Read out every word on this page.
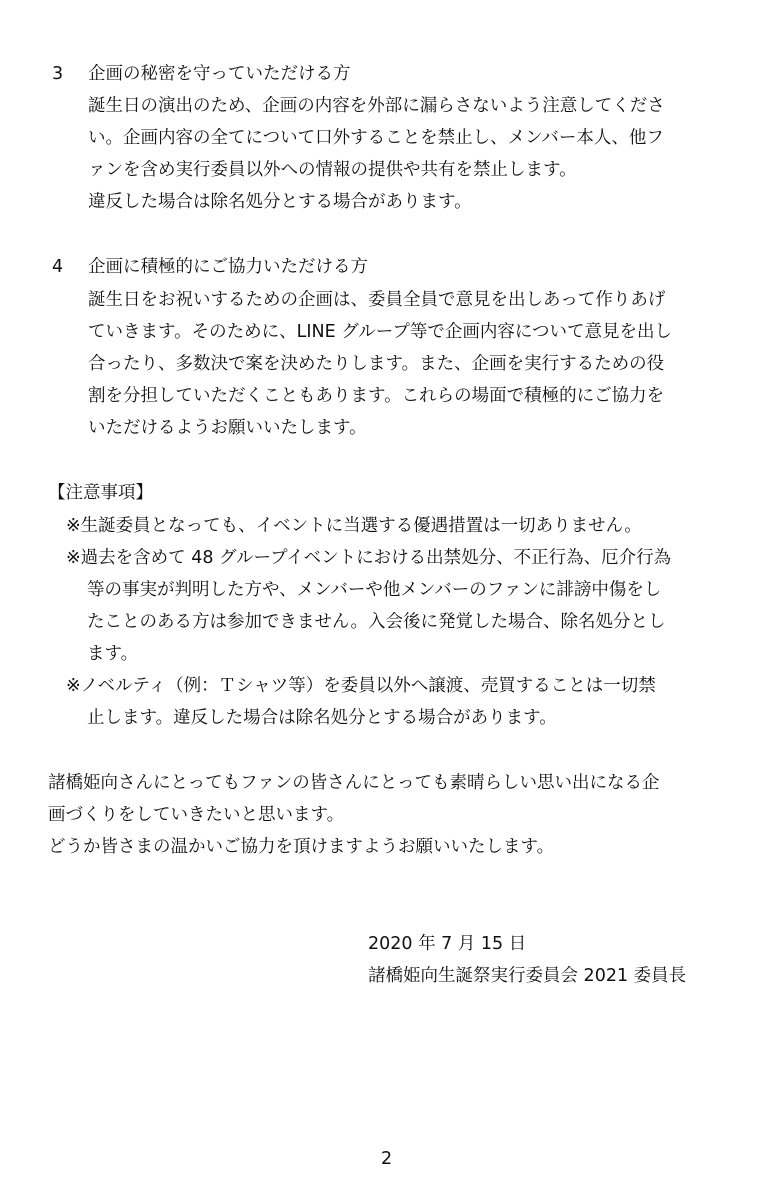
3 企画の秘密を守っていただける方
誕生日の演出のため、企画の内容を外部に漏らさないよう注意してくださ
い。企画内容の全てについて口外することを禁止し、メンバー本人、他フ
ァンを含め実行委員以外への情報の提供や共有を禁止します。
違反した場合は除名処分とする場合があります。
4 企画に積極的にご協力いただける方
誕生日をお祝いするための企画は、委員全員で意見を出しあって作りあげ
ていきます。そのために、LINE グループ等で企画内容について意見を出し
合ったり、多数決で案を決めたりします。また、企画を実行するための役
割を分担していただくこともあります。これらの場面で積極的にご協力を
いただけるようお願いいたします。
【注意事項】
※生誕委員となっても、イベントに当選する優遇措置は一切ありません。
※過去を含めて 48 グループイベントにおける出禁処分、不正行為、厄介行為
等の事実が判明した方や、メンバーや他メンバーのファンに誹謗中傷をし
たことのある方は参加できません。入会後に発覚した場合、除名処分とし
ます。
※ノベルティ（例：Ｔシャツ等）を委員以外へ譲渡、売買することは一切禁
止します。違反した場合は除名処分とする場合があります。
諸橋姫向さんにとってもファンの皆さんにとっても素晴らしい思い出になる企
画づくりをしていきたいと思います。
どうか皆さまの温かいご協力を頂けますようお願いいたします。
2020 年 7 月 15 日
諸橋姫向生誕祭実行委員会 2021 委員長
2
